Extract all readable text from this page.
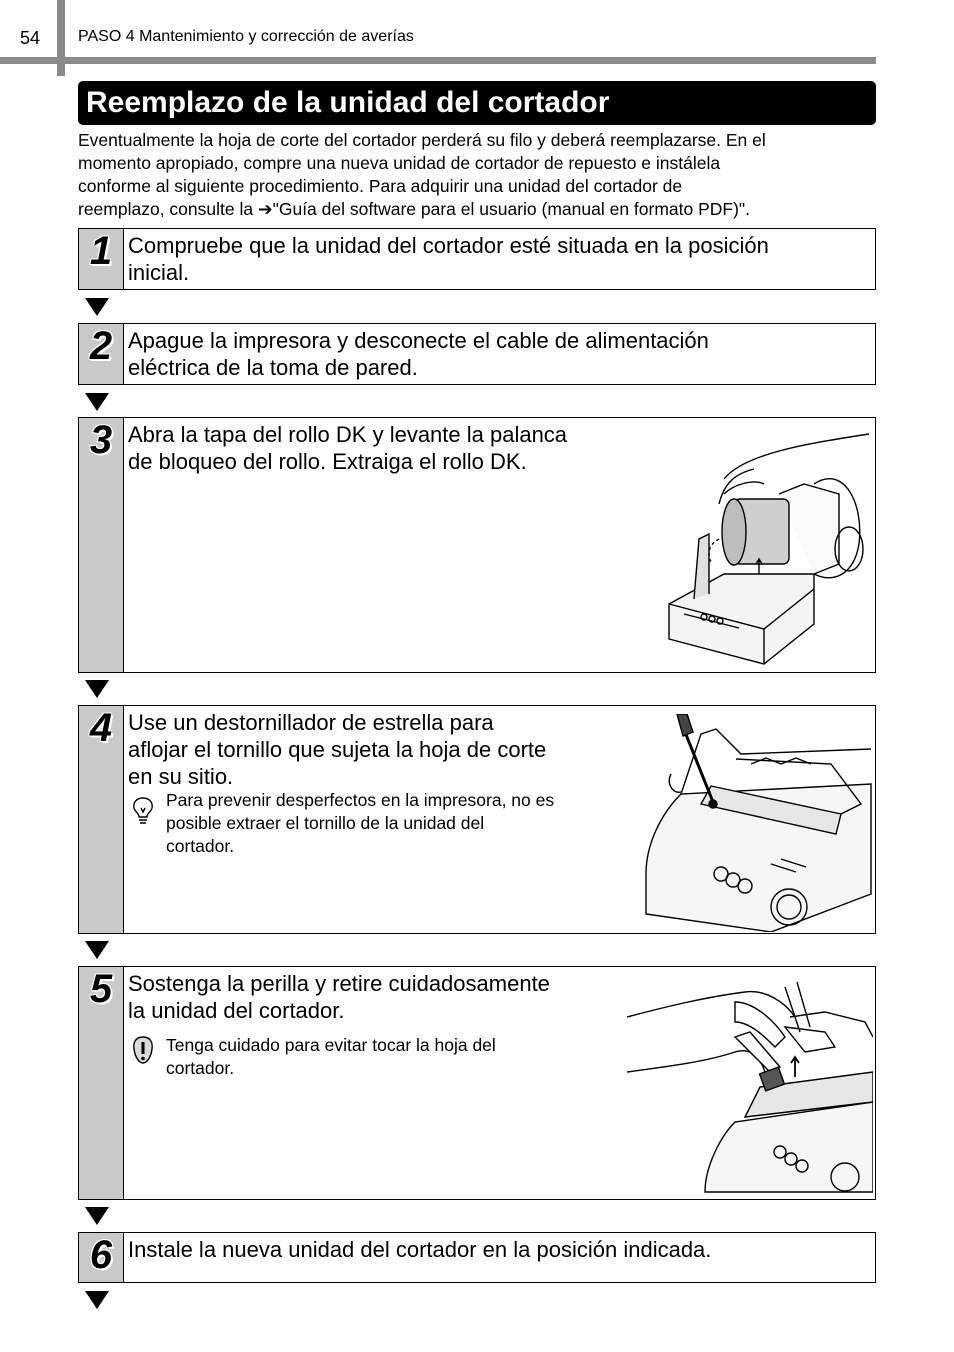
54 PASO 4 Mantenimiento y corrección de averías
Reemplazo de la unidad del cortador
Eventualmente la hoja de corte del cortador perderá su filo y deberá reemplazarse. En el
momento apropiado, compre una nueva unidad de cortador de repuesto e instálela
conforme al siguiente procedimiento. Para adquirir una unidad del cortador de
reemplazo, consulte la ➔"Guía del software para el usuario (manual en formato PDF)".
1 Compruebe que la unidad del cortador esté situada en la posición
inicial.
2 Apague la impresora y desconecte el cable de alimentación
eléctrica de la toma de pared.
3 Abra la tapa del rollo DK y levante la palanca
de bloqueo del rollo. Extraiga el rollo DK.
4 Use un destornillador de estrella para
aflojar el tornillo que sujeta la hoja de corte
en su sitio.
Para prevenir desperfectos en la impresora, no es
posible extraer el tornillo de la unidad del
cortador.
5 Sostenga la perilla y retire cuidadosamente
la unidad del cortador.
Tenga cuidado para evitar tocar la hoja del
cortador.
6 Instale la nueva unidad del cortador en la posición indicada.
